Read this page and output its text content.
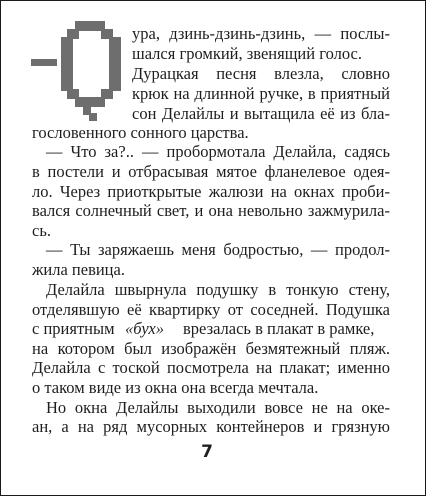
ура, дзинь-дзинь-дзинь, — послы-
шался громкий, звенящий голос.
Дурацкая песня влезла, словно
крюк на длинной ручке, в приятный
сон Делайлы и вытащила её из бла-
гословенного сонного царства.
— Что за?.. — пробормотала Делайла, садясь
в постели и отбрасывая мятое фланелевое одея-
ло. Через приоткрытые жалюзи на окнах проби-
вался солнечный свет, и она невольно зажмурила-
сь.
— Ты заряжаешь меня бодростью, — продол-
жила певица.
Делайла швырнула подушку в тонкую стену,
отделявшую её квартирку от соседней. Подушка
с приятным «бух» врезалась в плакат в рамке,
на котором был изображён безмятежный пляж.
Делайла с тоской посмотрела на плакат; именно
о таком виде из окна она всегда мечтала.
Но окна Делайлы выходили вовсе не на оке-
ан, а на ряд мусорных контейнеров и грязную
7
